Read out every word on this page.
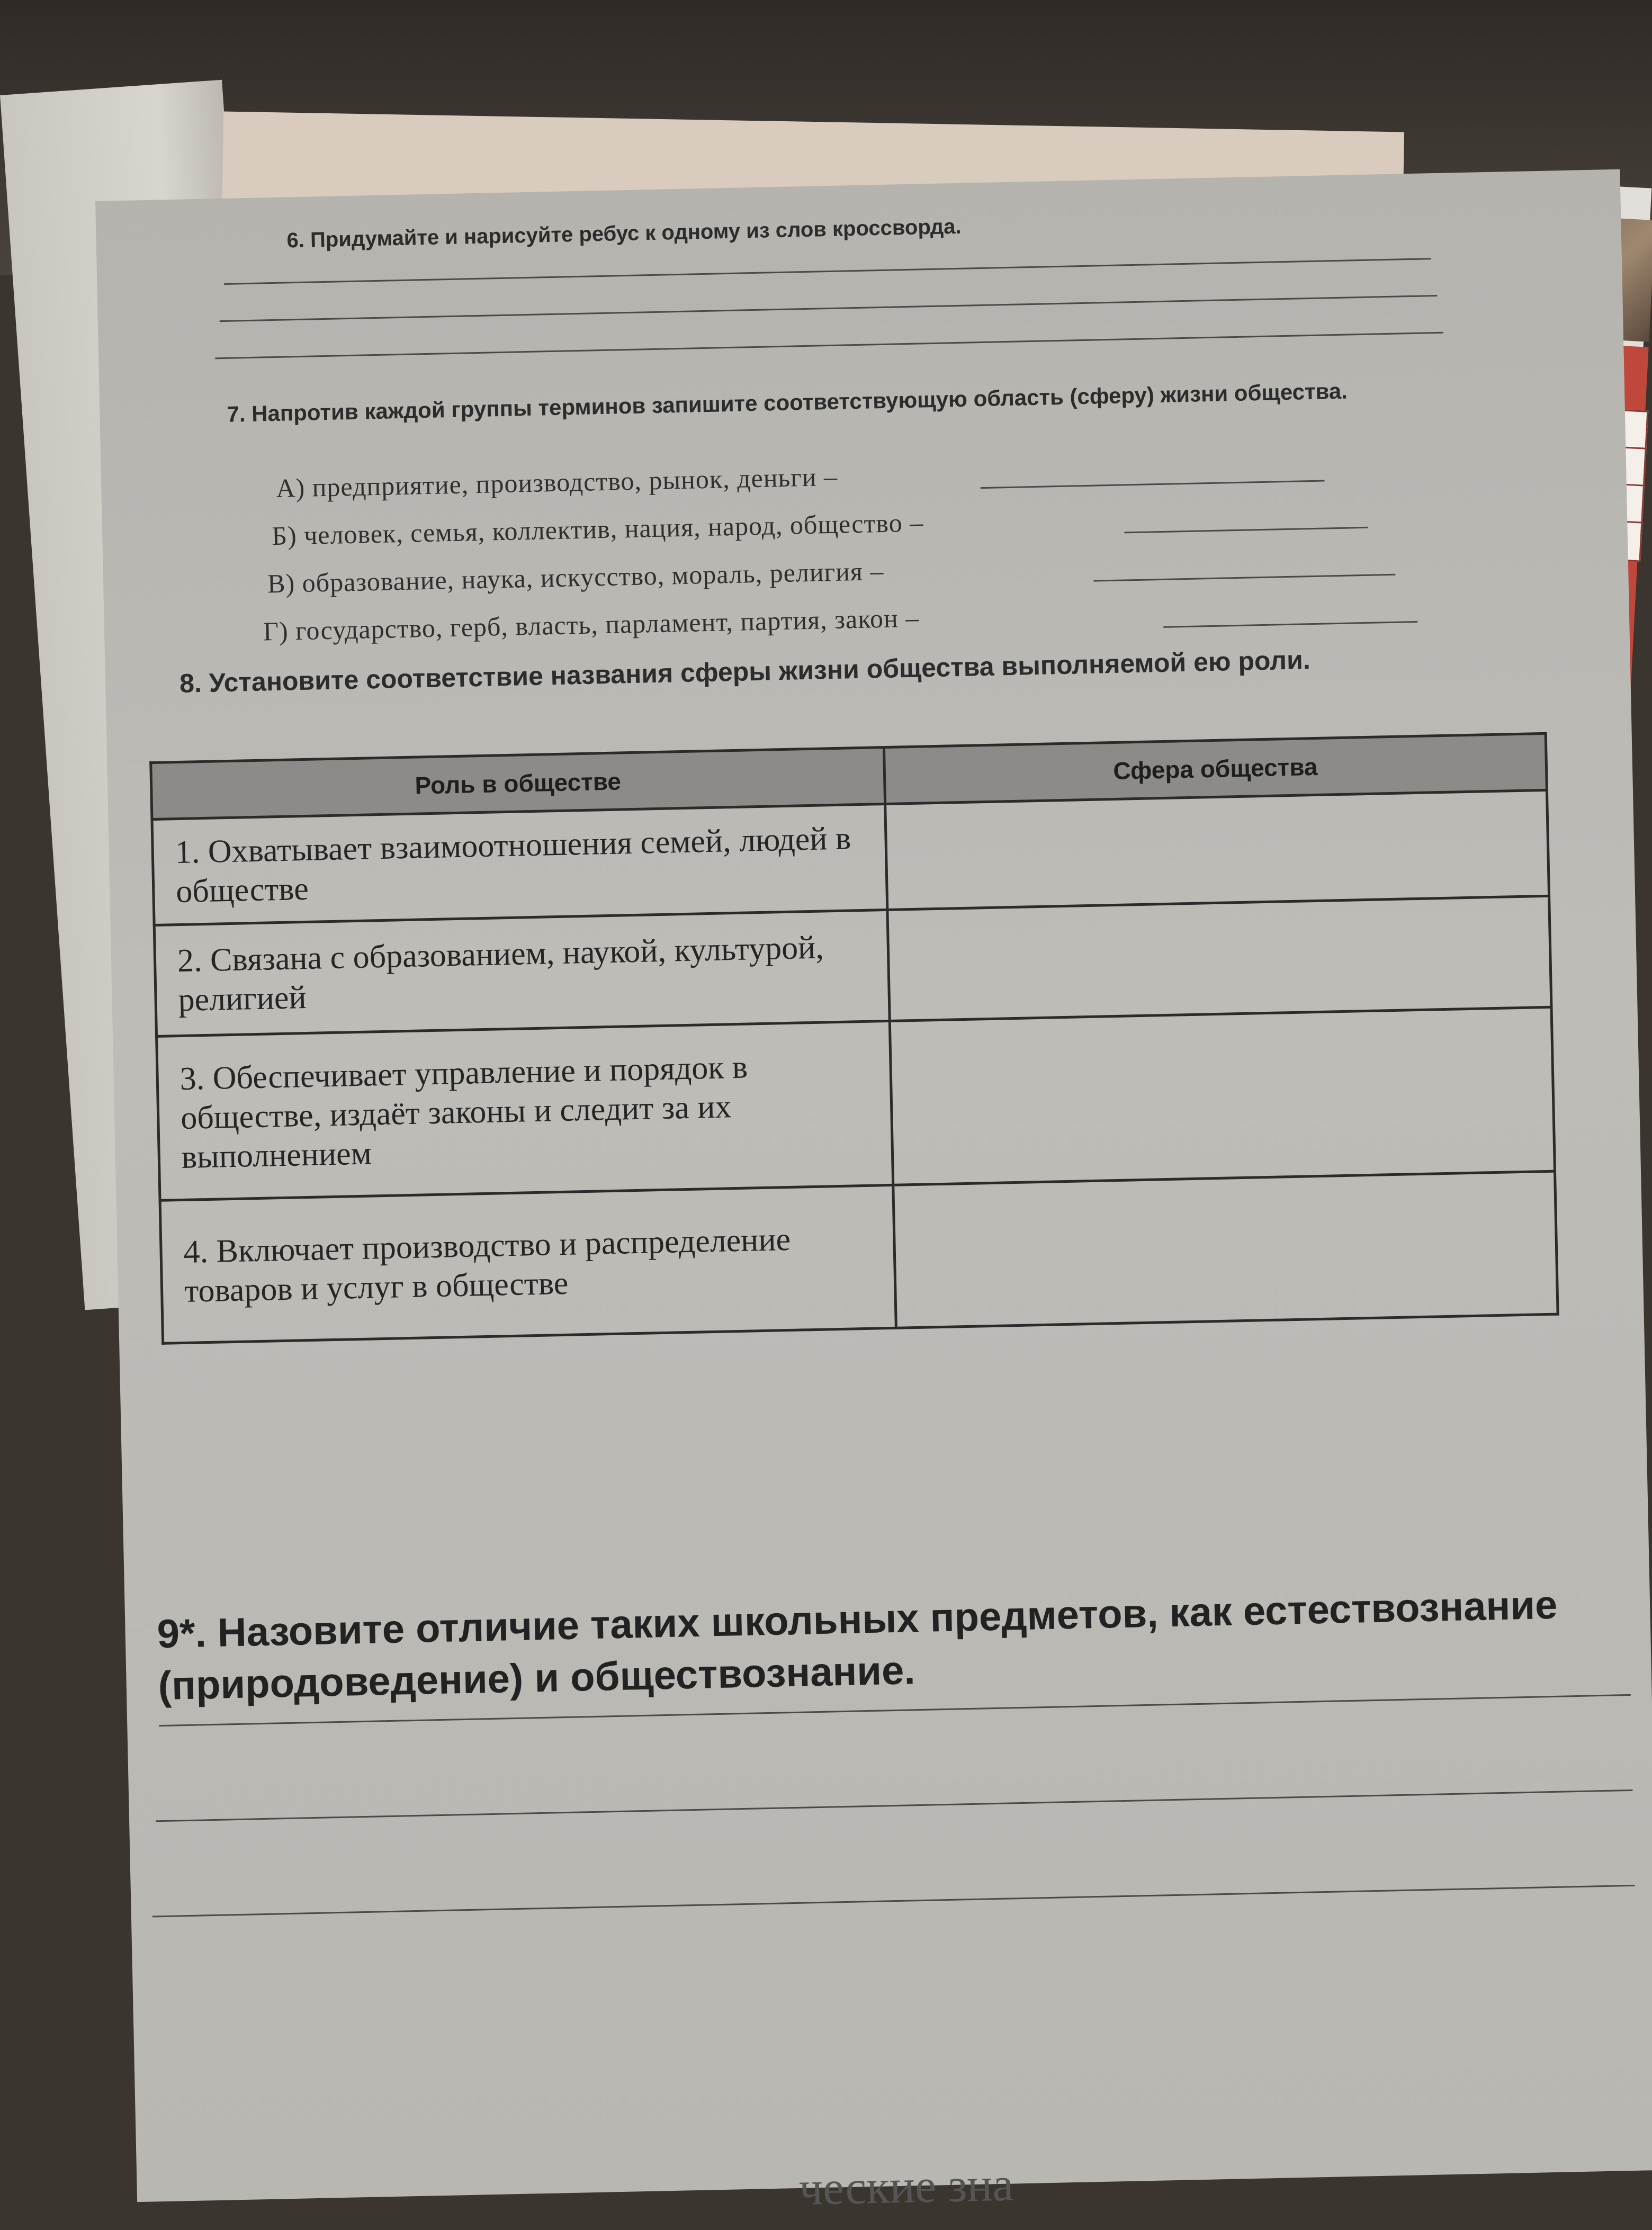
6. Придумайте и нарисуйте ребус к одному из слов кроссворда.
7. Напротив каждой группы терминов запишите соответствующую область (сферу) жизни общества.
А) предприятие, производство, рынок, деньги –
Б) человек, семья, коллектив, нация, народ, общество –
В) образование, наука, искусство, мораль, религия –
Г) государство, герб, власть, парламент, партия, закон –
8. Установите соответствие названия сферы жизни общества выполняемой ею роли.
Роль в обществе	Сфера общества
1. Охватывает взаимоотношения семей, людей в обществе	
2. Связана с образованием, наукой, культурой, религией	
3. Обеспечивает управление и порядок в обществе, издаёт законы и следит за их выполнением	
4. Включает производство и распределение товаров и услуг в обществе	
9*. Назовите отличие таких школьных предметов, как естествознание (природоведение) и обществознание.
ческие зна
